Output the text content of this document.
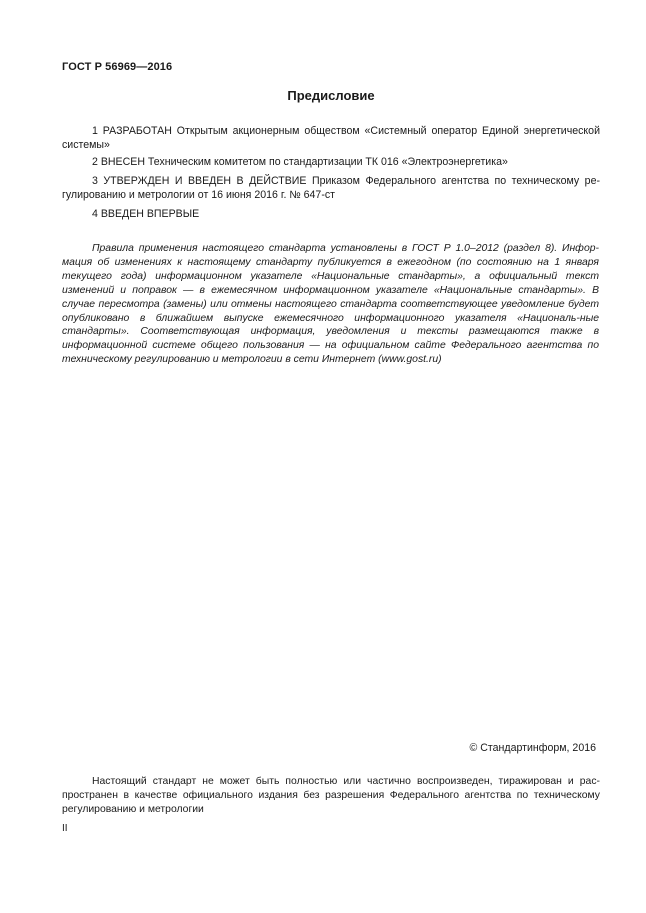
ГОСТ Р 56969—2016
Предисловие
1 РАЗРАБОТАН Открытым акционерным обществом «Системный оператор Единой энергетической системы»
2 ВНЕСЕН Техническим комитетом по стандартизации ТК 016 «Электроэнергетика»
3 УТВЕРЖДЕН И ВВЕДЕН В ДЕЙСТВИЕ Приказом Федерального агентства по техническому ре-гулированию и метрологии от 16 июня 2016 г. № 647-ст
4 ВВЕДЕН ВПЕРВЫЕ
Правила применения настоящего стандарта установлены в ГОСТ Р 1.0–2012 (раздел 8). Инфор-мация об изменениях к настоящему стандарту публикуется в ежегодном (по состоянию на 1 января текущего года) информационном указателе «Национальные стандарты», а официальный текст изменений и поправок — в ежемесячном информационном указателе «Национальные стандарты». В случае пересмотра (замены) или отмены настоящего стандарта соответствующее уведомление будет опубликовано в ближайшем выпуске ежемесячного информационного указателя «Националь-ные стандарты». Соответствующая информация, уведомления и тексты размещаются также в информационной системе общего пользования — на официальном сайте Федерального агентства по техническому регулированию и метрологии в сети Интернет (www.gost.ru)
© Стандартинформ, 2016
Настоящий стандарт не может быть полностью или частично воспроизведен, тиражирован и рас-пространен в качестве официального издания без разрешения Федерального агентства по техническому регулированию и метрологии
II
